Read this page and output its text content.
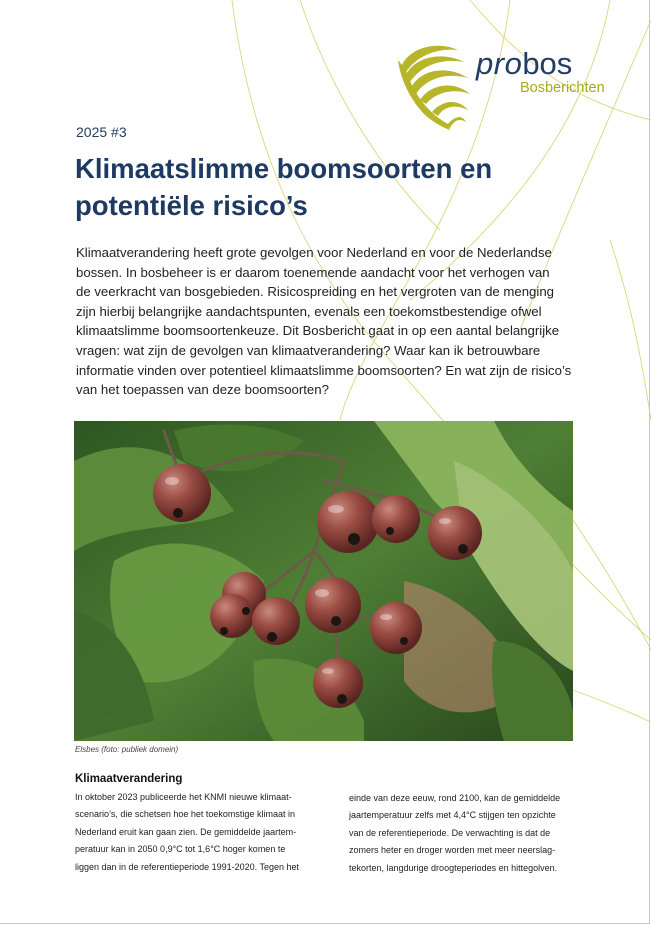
probos
Bosberichten
2025 #3
Klimaatslimme boomsoorten en
potentiële risico’s

Klimaatverandering heeft grote gevolgen voor Nederland en voor de Nederlandse
bossen. In bosbeheer is er daarom toenemende aandacht voor het verhogen van
de veerkracht van bosgebieden. Risicospreiding en het vergroten van de menging
zijn hierbij belangrijke aandachtspunten, evenals een toekomstbestendige ofwel
klimaatslimme boomsoortenkeuze. Dit Bosbericht gaat in op een aantal belangrijke
vragen: wat zijn de gevolgen van klimaatverandering? Waar kan ik betrouwbare
informatie vinden over potentieel klimaatslimme boomsoorten? En wat zijn de risico’s
van het toepassen van deze boomsoorten?

Elsbes (foto: publiek domein)
Klimaatverandering

In oktober 2023 publiceerde het KNMI nieuwe klimaat-
scenario’s, die schetsen hoe het toekomstige klimaat in
Nederland eruit kan gaan zien. De gemiddelde jaartem-
peratuur kan in 2050 0,9°C tot 1,6°C hoger komen te
liggen dan in de referentieperiode 1991-2020. Tegen het

einde van deze eeuw, rond 2100, kan de gemiddelde
jaartemperatuur zelfs met 4,4°C stijgen ten opzichte
van de referentieperiode. De verwachting is dat de
zomers heter en droger worden met meer neerslag-
tekorten, langdurige droogteperiodes en hittegolven.
